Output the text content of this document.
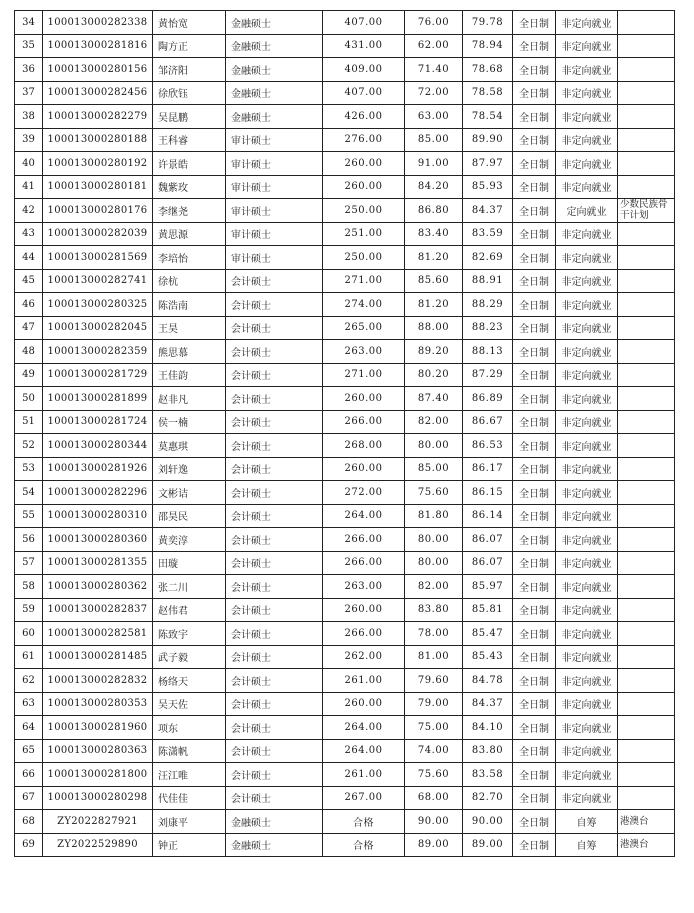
34	100013000282338	黄怡宽	金融硕士	407.00	76.00	79.78	全日制	非定向就业	
35	100013000281816	陶方正	金融硕士	431.00	62.00	78.94	全日制	非定向就业	
36	100013000280156	邹济阳	金融硕士	409.00	71.40	78.68	全日制	非定向就业	
37	100013000282456	徐欣钰	金融硕士	407.00	72.00	78.58	全日制	非定向就业	
38	100013000282279	吴昆鹏	金融硕士	426.00	63.00	78.54	全日制	非定向就业	
39	100013000280188	王科睿	审计硕士	276.00	85.00	89.90	全日制	非定向就业	
40	100013000280192	许景皓	审计硕士	260.00	91.00	87.97	全日制	非定向就业	
41	100013000280181	魏紫玫	审计硕士	260.00	84.20	85.93	全日制	非定向就业	
42	100013000280176	李继尧	审计硕士	250.00	86.80	84.37	全日制	定向就业	少数民族骨干计划
43	100013000282039	黄思源	审计硕士	251.00	83.40	83.59	全日制	非定向就业	
44	100013000281569	李培怡	审计硕士	250.00	81.20	82.69	全日制	非定向就业	
45	100013000282741	徐杭	会计硕士	271.00	85.60	88.91	全日制	非定向就业	
46	100013000280325	陈浩南	会计硕士	274.00	81.20	88.29	全日制	非定向就业	
47	100013000282045	王昊	会计硕士	265.00	88.00	88.23	全日制	非定向就业	
48	100013000282359	熊思慕	会计硕士	263.00	89.20	88.13	全日制	非定向就业	
49	100013000281729	王佳韵	会计硕士	271.00	80.20	87.29	全日制	非定向就业	
50	100013000281899	赵非凡	会计硕士	260.00	87.40	86.89	全日制	非定向就业	
51	100013000281724	侯一楠	会计硕士	266.00	82.00	86.67	全日制	非定向就业	
52	100013000280344	莫惠琪	会计硕士	268.00	80.00	86.53	全日制	非定向就业	
53	100013000281926	刘轩逸	会计硕士	260.00	85.00	86.17	全日制	非定向就业	
54	100013000282296	文彬诘	会计硕士	272.00	75.60	86.15	全日制	非定向就业	
55	100013000280310	邵昊民	会计硕士	264.00	81.80	86.14	全日制	非定向就业	
56	100013000280360	黄奕淳	会计硕士	266.00	80.00	86.07	全日制	非定向就业	
57	100013000281355	田璇	会计硕士	266.00	80.00	86.07	全日制	非定向就业	
58	100013000280362	张二川	会计硕士	263.00	82.00	85.97	全日制	非定向就业	
59	100013000282837	赵伟君	会计硕士	260.00	83.80	85.81	全日制	非定向就业	
60	100013000282581	陈致宇	会计硕士	266.00	78.00	85.47	全日制	非定向就业	
61	100013000281485	武子毅	会计硕士	262.00	81.00	85.43	全日制	非定向就业	
62	100013000282832	杨络天	会计硕士	261.00	79.60	84.78	全日制	非定向就业	
63	100013000280353	吴天佐	会计硕士	260.00	79.00	84.37	全日制	非定向就业	
64	100013000281960	项东	会计硕士	264.00	75.00	84.10	全日制	非定向就业	
65	100013000280363	陈潇帆	会计硕士	264.00	74.00	83.80	全日制	非定向就业	
66	100013000281800	汪江唯	会计硕士	261.00	75.60	83.58	全日制	非定向就业	
67	100013000280298	代佳佳	会计硕士	267.00	68.00	82.70	全日制	非定向就业	
68	ZY2022827921	刘康平	金融硕士	合格	90.00	90.00	全日制	自筹	港澳台
69	ZY2022529890	钟正	金融硕士	合格	89.00	89.00	全日制	自筹	港澳台
